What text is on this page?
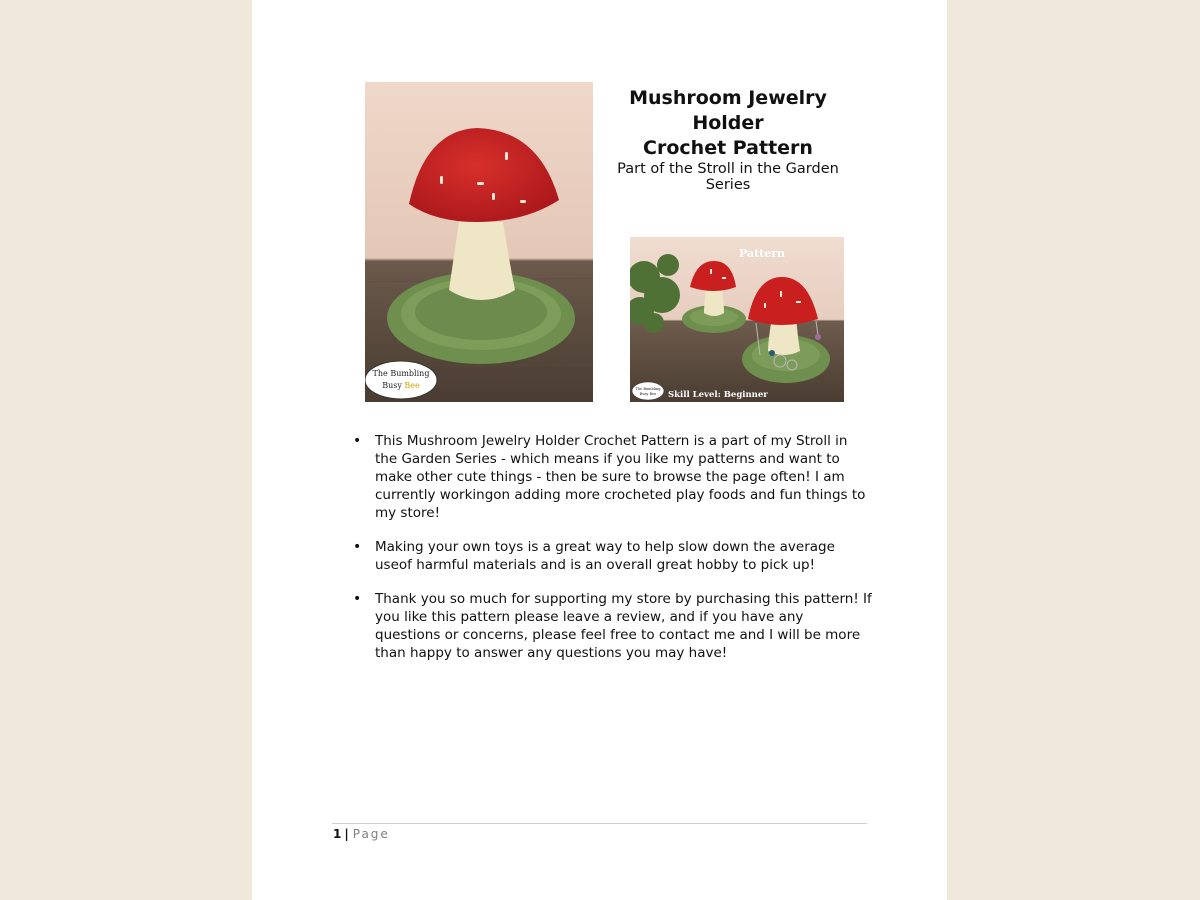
The Bumbling
Busy Bee
Mushroom Jewelry Holder
Crochet Pattern
Part of the Stroll in the Garden Series
Pattern
The Bumbling
Busy Bee Skill Level: Beginner
• This Mushroom Jewelry Holder Crochet Pattern is a part of my Stroll in the Garden Series - which means if you like my patterns and want to make other cute things - then be sure to browse the page often! I am currently workingon adding more crocheted play foods and fun things to my store!
• Making your own toys is a great way to help slow down the average useof harmful materials and is an overall great hobby to pick up!
• Thank you so much for supporting my store by purchasing this pattern! If you like this pattern please leave a review, and if you have any questions or concerns, please feel free to contact me and I will be more than happy to answer any questions you may have!
1 | Page
